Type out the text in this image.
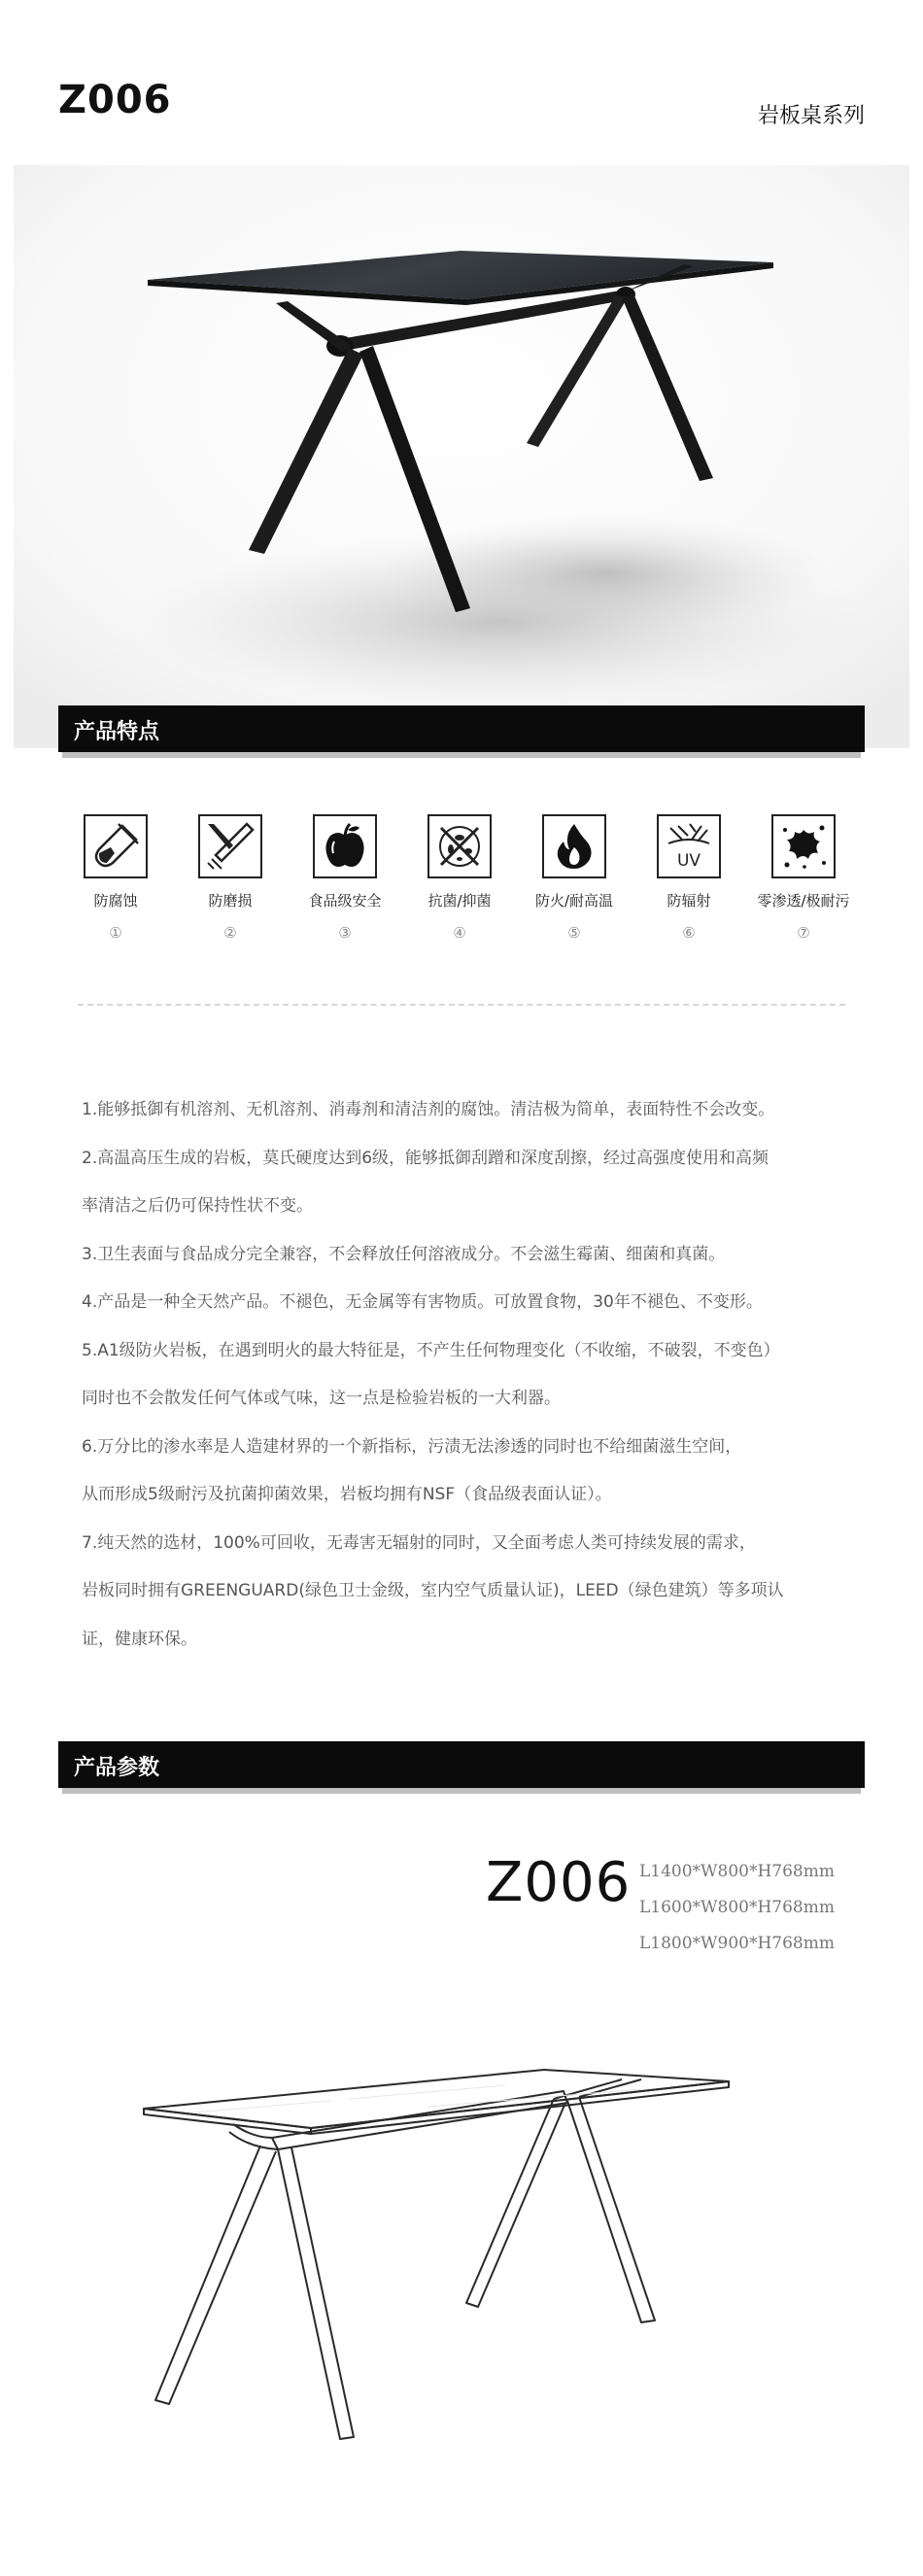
Z006	岩板桌系列
产品特点
防腐蚀
①
防磨损
②
食品级安全
③
抗菌/抑菌
④
防火/耐高温
⑤
UV
防辐射
⑥
零渗透/极耐污
⑦

1.能够抵御有机溶剂、无机溶剂、消毒剂和清洁剂的腐蚀。清洁极为简单，表面特性不会改变。

2.高温高压生成的岩板，莫氏硬度达到6级，能够抵御刮蹭和深度刮擦，经过高强度使用和高频

率清洁之后仍可保持性状不变。

3.卫生表面与食品成分完全兼容，不会释放任何溶液成分。不会滋生霉菌、细菌和真菌。

4.产品是一种全天然产品。不褪色，无金属等有害物质。可放置食物，30年不褪色、不变形。

5.A1级防火岩板，在遇到明火的最大特征是，不产生任何物理变化（不收缩，不破裂，不变色）

同时也不会散发任何气体或气味，这一点是检验岩板的一大利器。

6.万分比的渗水率是人造建材界的一个新指标，污渍无法渗透的同时也不给细菌滋生空间，

从而形成5级耐污及抗菌抑菌效果，岩板均拥有NSF（食品级表面认证）。

7.纯天然的选材，100%可回收，无毒害无辐射的同时，又全面考虑人类可持续发展的需求，

岩板同时拥有GREENGUARD(绿色卫士金级，室内空气质量认证)，LEED（绿色建筑）等多项认

证，健康环保。

产品参数
Z006 L1400*W800*H768mm
L1600*W800*H768mm
L1800*W900*H768mm
